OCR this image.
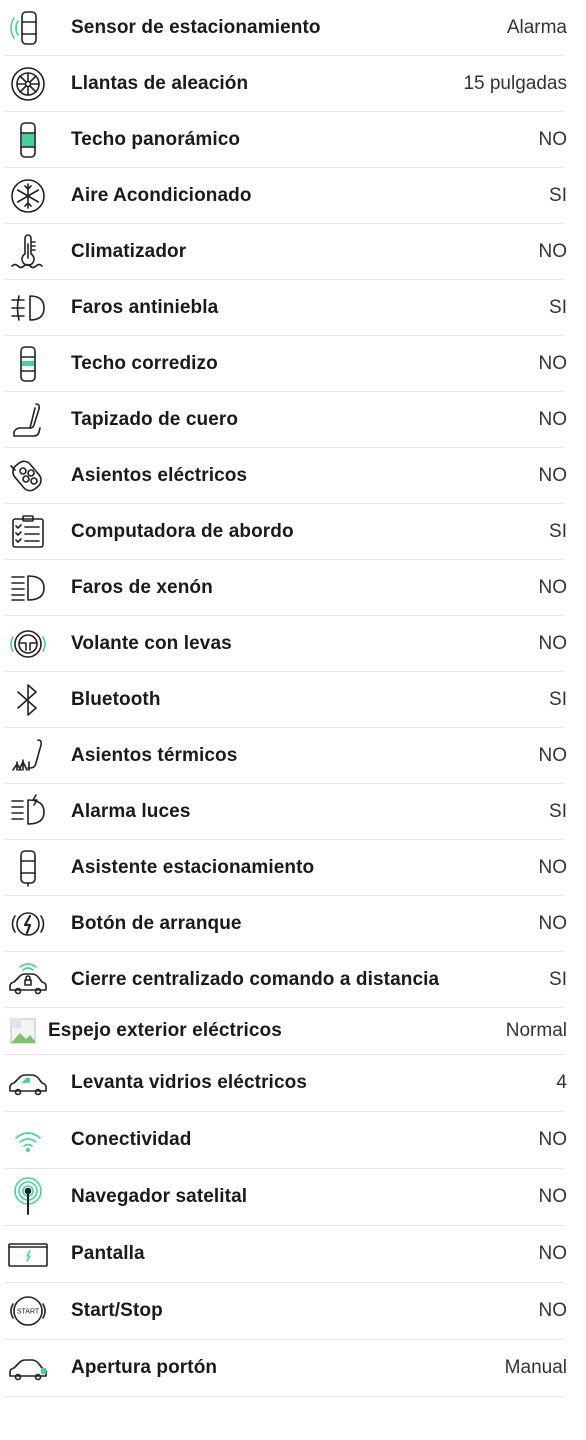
Sensor de estacionamiento	Alarma
Llantas de aleación	15 pulgadas
Techo panorámico	NO
Aire Acondicionado	SI
Climatizador	NO
Faros antiniebla	SI
Techo corredizo	NO
Tapizado de cuero	NO
Asientos eléctricos	NO
Computadora de abordo	SI
Faros de xenón	NO
Volante con levas	NO
Bluetooth	SI
Asientos térmicos	NO
Alarma luces	SI
Asistente estacionamiento	NO
Botón de arranque	NO
Cierre centralizado comando a distancia	SI
Espejo exterior eléctricos	Normal
Levanta vidrios eléctricos	4
Conectividad	NO
Navegador satelital	NO
Pantalla	NO
START Start/Stop	NO
Apertura portón	Manual
